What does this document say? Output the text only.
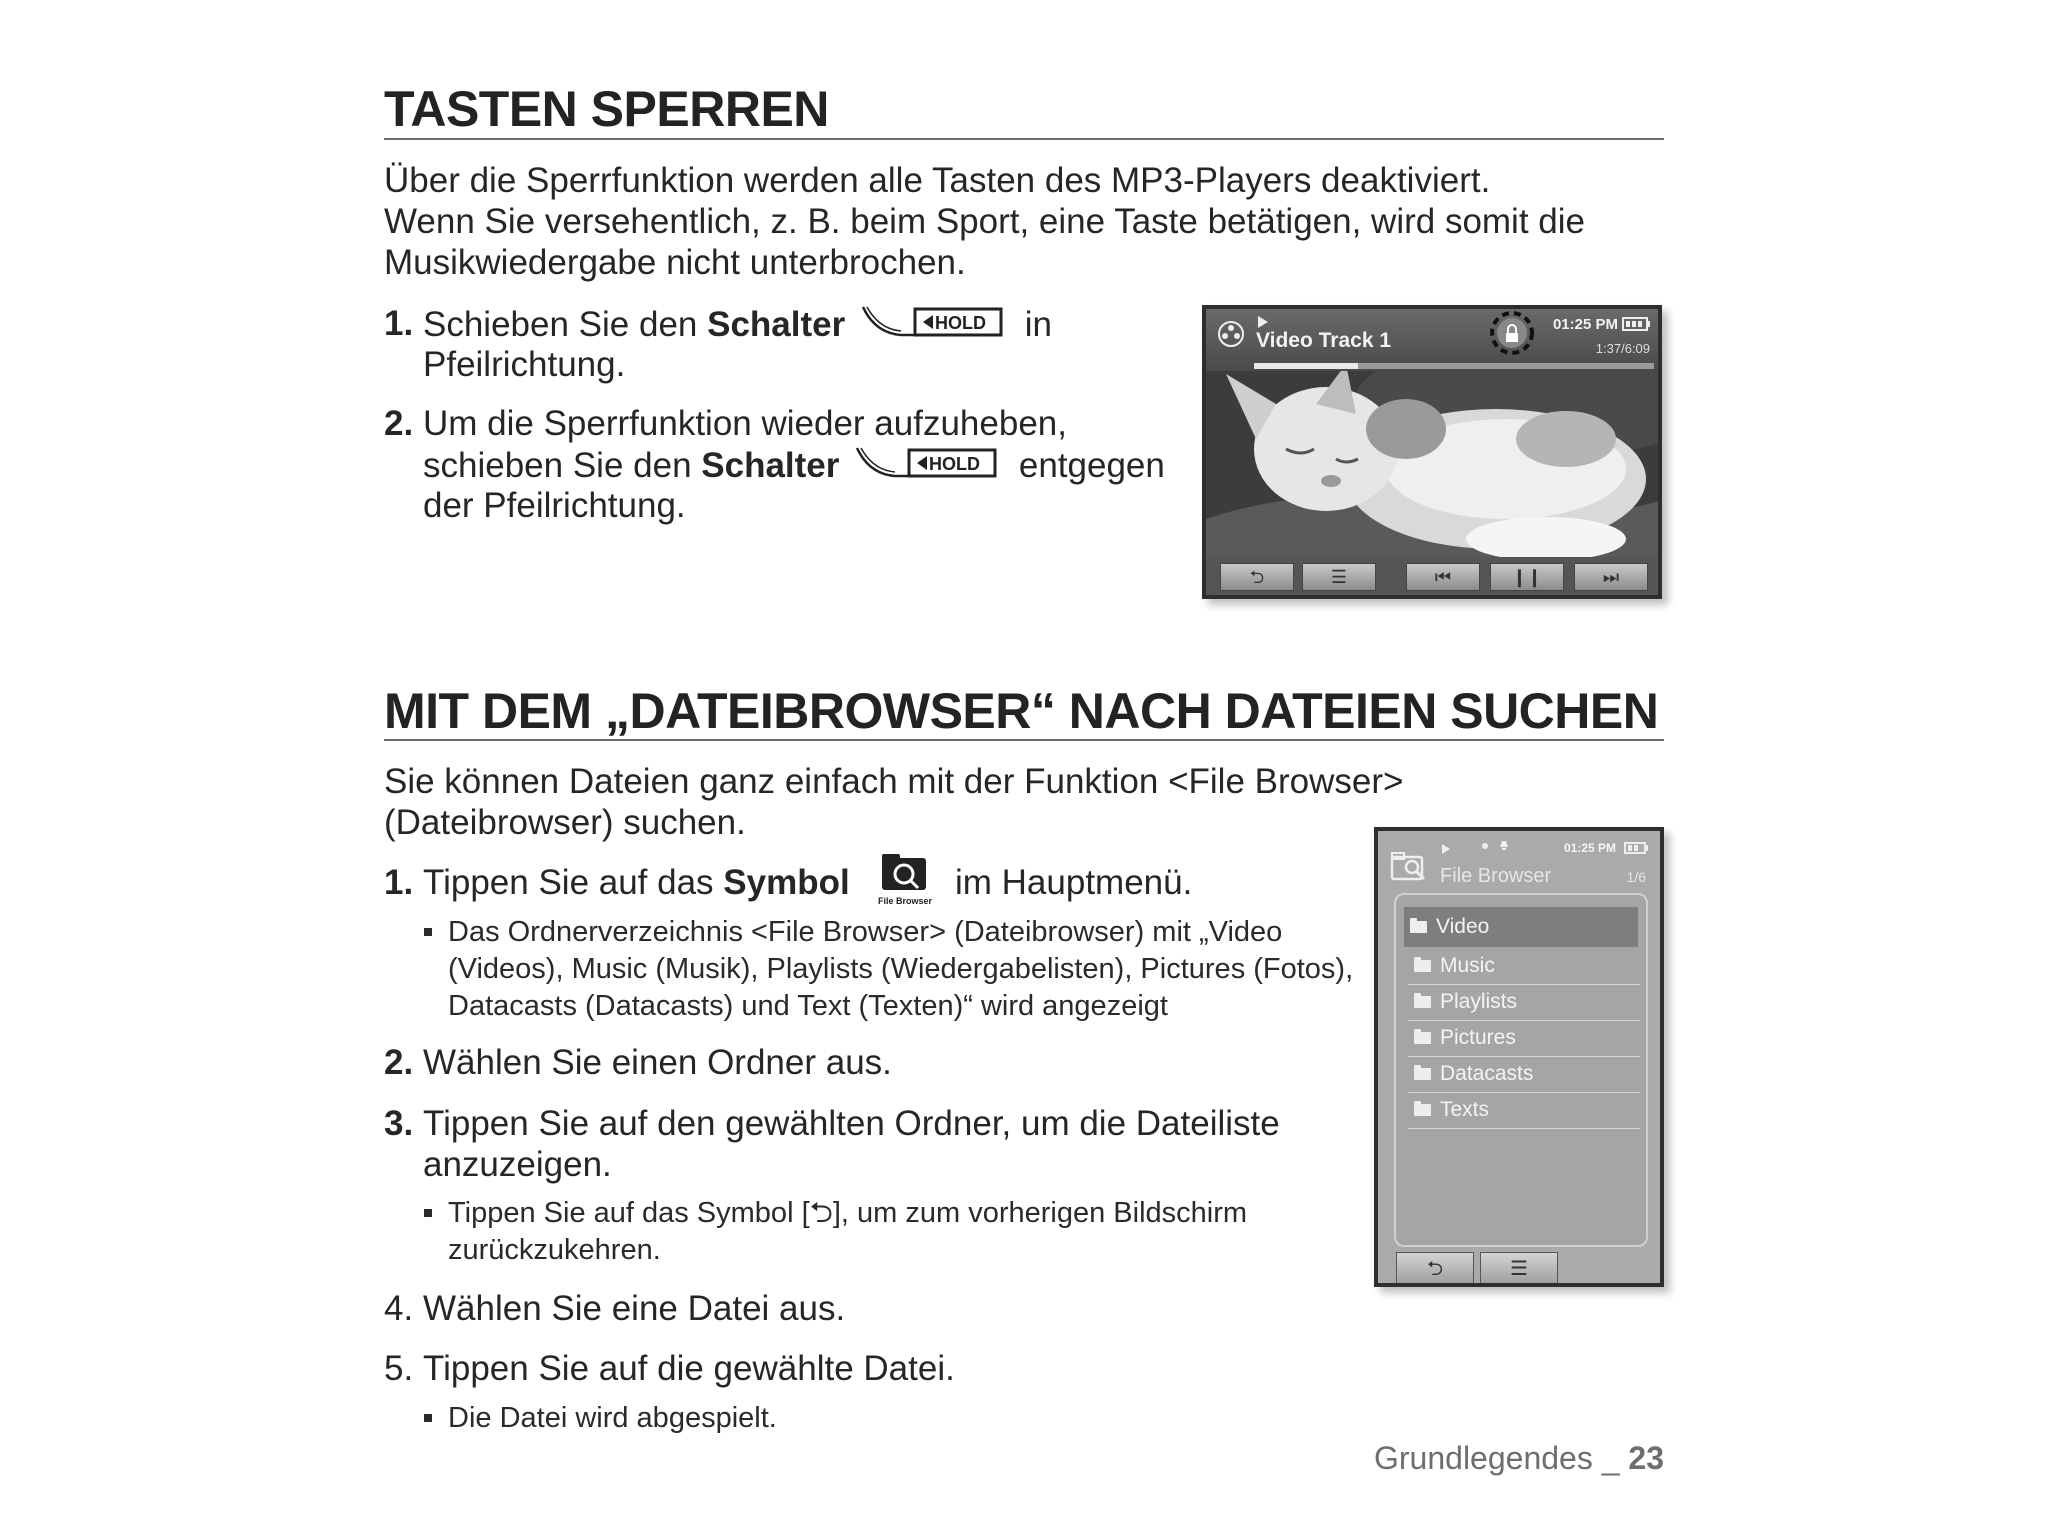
TASTEN SPERREN

Über die Sperrfunktion werden alle Tasten des MP3-Players deaktiviert.

Wenn Sie versehentlich, z. B. beim Sport, eine Taste betätigen, wird somit die

Musikwiedergabe nicht unterbrochen.

1. Schieben Sie den Schalter	HOLD in
Pfeilrichtung.
2. Um die Sperrfunktion wieder aufzuheben,
schieben Sie den Schalter	HOLD entgegen
der Pfeilrichtung.
Video Track 1
01:25 PM
1:37/6:09
⮌	☰	⏮	❙❙	⏭
MIT DEM „DATEIBROWSER“ NACH DATEIEN SUCHEN

Sie können Dateien ganz einfach mit der Funktion <File Browser>

(Dateibrowser) suchen.

1. Tippen Sie auf das Symbol	File Browser im Hauptmenü.
Das Ordnerverzeichnis <File Browser> (Dateibrowser) mit „Video
(Videos), Music (Musik), Playlists (Wiedergabelisten), Pictures (Fotos),
Datacasts (Datacasts) und Text (Texten)“ wird angezeigt
2. Wählen Sie einen Ordner aus.
3. Tippen Sie auf den gewählten Ordner, um die Dateiliste
anzuzeigen.
Tippen Sie auf das Symbol [⮌], um zum vorherigen Bildschirm
zurückzukehren.
4. Wählen Sie eine Datei aus.
5. Tippen Sie auf die gewählte Datei.
Die Datei wird abgespielt.
01:25 PM
File Browser	1/6
Video
Music
Playlists
Pictures
Datacasts
Texts
⮌	☰
Grundlegendes _ 23
